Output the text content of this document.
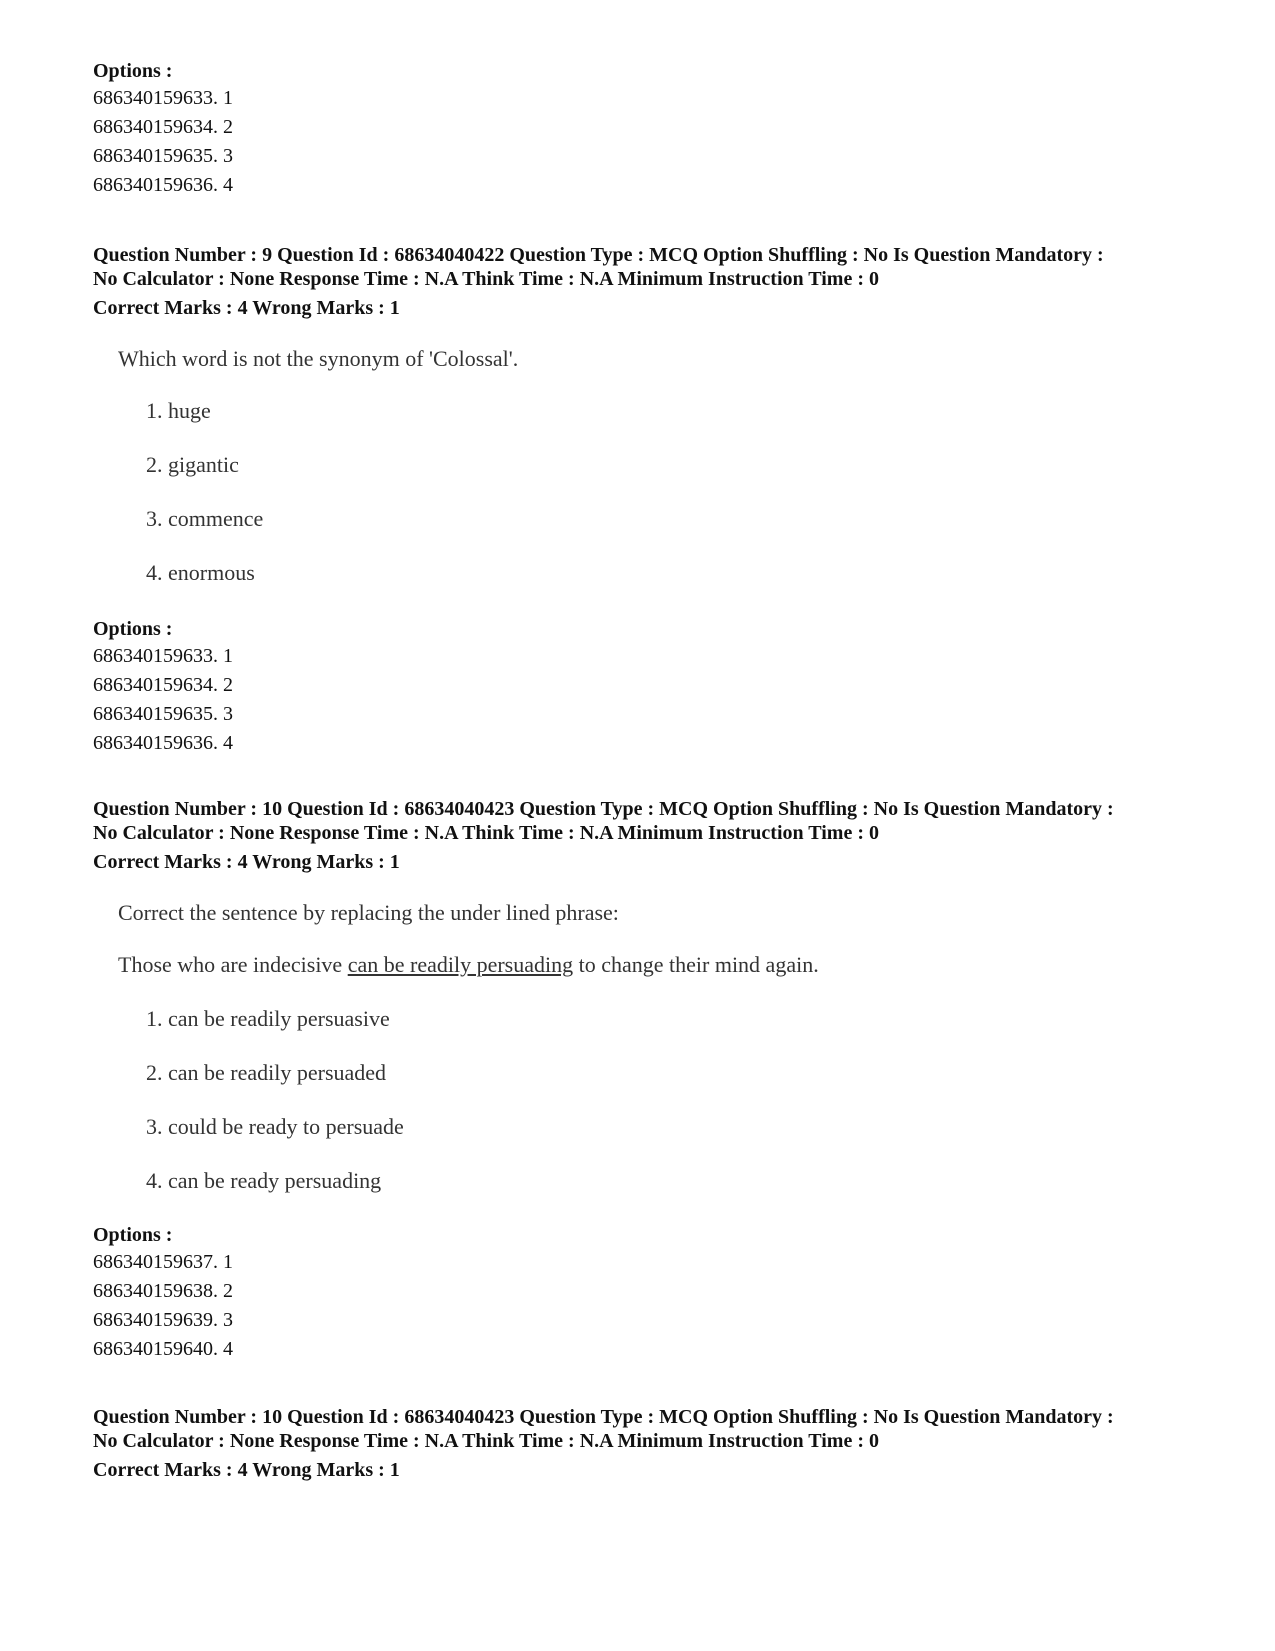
Options :
686340159633. 1
686340159634. 2
686340159635. 3
686340159636. 4
Question Number : 9 Question Id : 68634040422 Question Type : MCQ Option Shuffling : No Is Question Mandatory :
No Calculator : None Response Time : N.A Think Time : N.A Minimum Instruction Time : 0
Correct Marks : 4 Wrong Marks : 1
Which word is not the synonym of 'Colossal'.
1. huge
2. gigantic
3. commence
4. enormous
Options :
686340159633. 1
686340159634. 2
686340159635. 3
686340159636. 4
Question Number : 10 Question Id : 68634040423 Question Type : MCQ Option Shuffling : No Is Question Mandatory :
No Calculator : None Response Time : N.A Think Time : N.A Minimum Instruction Time : 0
Correct Marks : 4 Wrong Marks : 1
Correct the sentence by replacing the under lined phrase:
Those who are indecisive can be readily persuading to change their mind again.
1. can be readily persuasive
2. can be readily persuaded
3. could be ready to persuade
4. can be ready persuading
Options :
686340159637. 1
686340159638. 2
686340159639. 3
686340159640. 4
Question Number : 10 Question Id : 68634040423 Question Type : MCQ Option Shuffling : No Is Question Mandatory :
No Calculator : None Response Time : N.A Think Time : N.A Minimum Instruction Time : 0
Correct Marks : 4 Wrong Marks : 1
